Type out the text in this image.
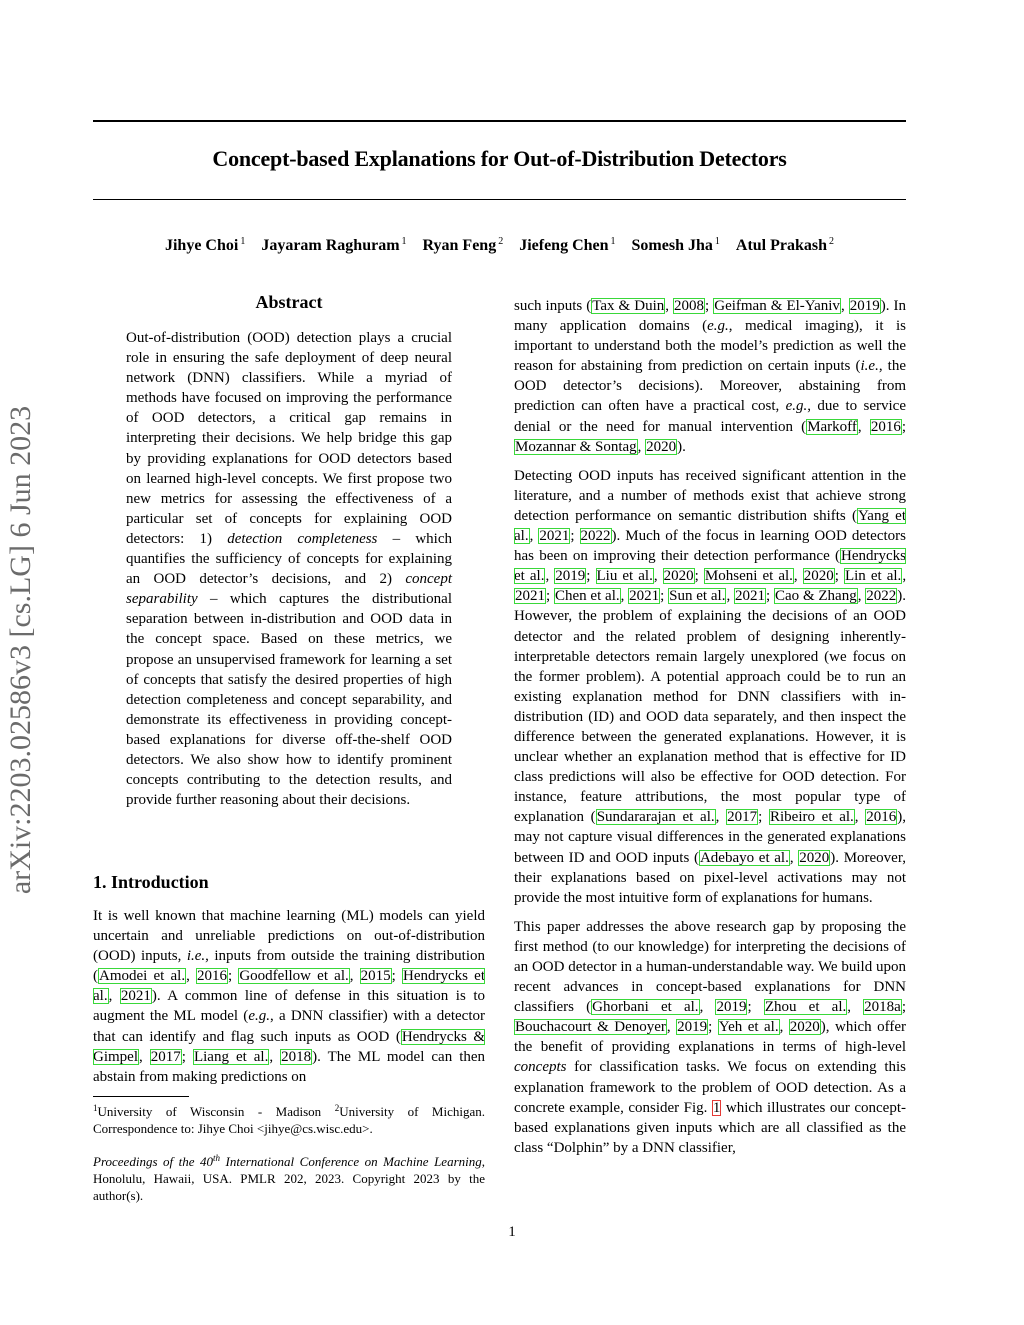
arXiv:2203.02586v3 [cs.LG] 6 Jun 2023
Concept-based Explanations for Out-of-Distribution Detectors
Jihye Choi $^1$ Jayaram Raghuram $^1$ Ryan Feng $^2$ Jiefeng Chen $^1$ Somesh Jha $^1$ Atul Prakash $^2$
Abstract

Out-of-distribution (OOD) detection plays a crucial role in ensuring the safe deployment of deep neural network (DNN) classifiers. While a myriad of methods have focused on improving the performance of OOD detectors, a critical gap remains in interpreting their decisions. We help bridge this gap by providing explanations for OOD detectors based on learned high-level concepts. We first propose two new metrics for assessing the effectiveness of a particular set of concepts for explaining OOD detectors: 1) detection completeness – which quantifies the sufficiency of concepts for explaining an OOD detector’s decisions, and 2) concept separability – which captures the distributional separation between in-distribution and OOD data in the concept space. Based on these metrics, we propose an unsupervised framework for learning a set of concepts that satisfy the desired properties of high detection completeness and concept separability, and demonstrate its effectiveness in providing concept-based explanations for diverse off-the-shelf OOD detectors. We also show how to identify prominent concepts contributing to the detection results, and provide further reasoning about their decisions.

1. Introduction

It is well known that machine learning (ML) models can yield uncertain and unreliable predictions on out-of-distribution (OOD) inputs, i.e., inputs from outside the training distribution (Amodei et al., 2016; Goodfellow et al., 2015; Hendrycks et al., 2021). A common line of defense in this situation is to augment the ML model (e.g., a DNN classifier) with a detector that can identify and flag such inputs as OOD (Hendrycks & Gimpel, 2017; Liang et al., 2018). The ML model can then abstain from making predictions on

$^1$University of Wisconsin - Madison $^2$University of Michigan. Correspondence to: Jihye Choi <jihye@cs.wisc.edu>.

Proceedings of the 40th International Conference on Machine Learning, Honolulu, Hawaii, USA. PMLR 202, 2023. Copyright 2023 by the author(s).

such inputs (Tax & Duin, 2008; Geifman & El-Yaniv, 2019). In many application domains (e.g., medical imaging), it is important to understand both the model’s prediction as well the reason for abstaining from prediction on certain inputs (i.e., the OOD detector’s decisions). Moreover, abstaining from prediction can often have a practical cost, e.g., due to service denial or the need for manual intervention (Markoff, 2016; Mozannar & Sontag, 2020).

Detecting OOD inputs has received significant attention in the literature, and a number of methods exist that achieve strong detection performance on semantic distribution shifts (Yang et al., 2021; 2022). Much of the focus in learning OOD detectors has been on improving their detection performance (Hendrycks et al., 2019; Liu et al., 2020; Mohseni et al., 2020; Lin et al., 2021; Chen et al., 2021; Sun et al., 2021; Cao & Zhang, 2022). However, the problem of explaining the decisions of an OOD detector and the related problem of designing inherently-interpretable detectors remain largely unexplored (we focus on the former problem). A potential approach could be to run an existing explanation method for DNN classifiers with in-distribution (ID) and OOD data separately, and then inspect the difference between the generated explanations. However, it is unclear whether an explanation method that is effective for ID class predictions will also be effective for OOD detection. For instance, feature attributions, the most popular type of explanation (Sundararajan et al., 2017; Ribeiro et al., 2016), may not capture visual differences in the generated explanations between ID and OOD inputs (Adebayo et al., 2020). Moreover, their explanations based on pixel-level activations may not provide the most intuitive form of explanations for humans.

This paper addresses the above research gap by proposing the first method (to our knowledge) for interpreting the decisions of an OOD detector in a human-understandable way. We build upon recent advances in concept-based explanations for DNN classifiers (Ghorbani et al., 2019; Zhou et al., 2018a; Bouchacourt & Denoyer, 2019; Yeh et al., 2020), which offer the benefit of providing explanations in terms of high-level concepts for classification tasks. We focus on extending this explanation framework to the problem of OOD detection. As a concrete example, consider Fig. 1 which illustrates our concept-based explanations given inputs which are all classified as the class “Dolphin” by a DNN classifier,

1
